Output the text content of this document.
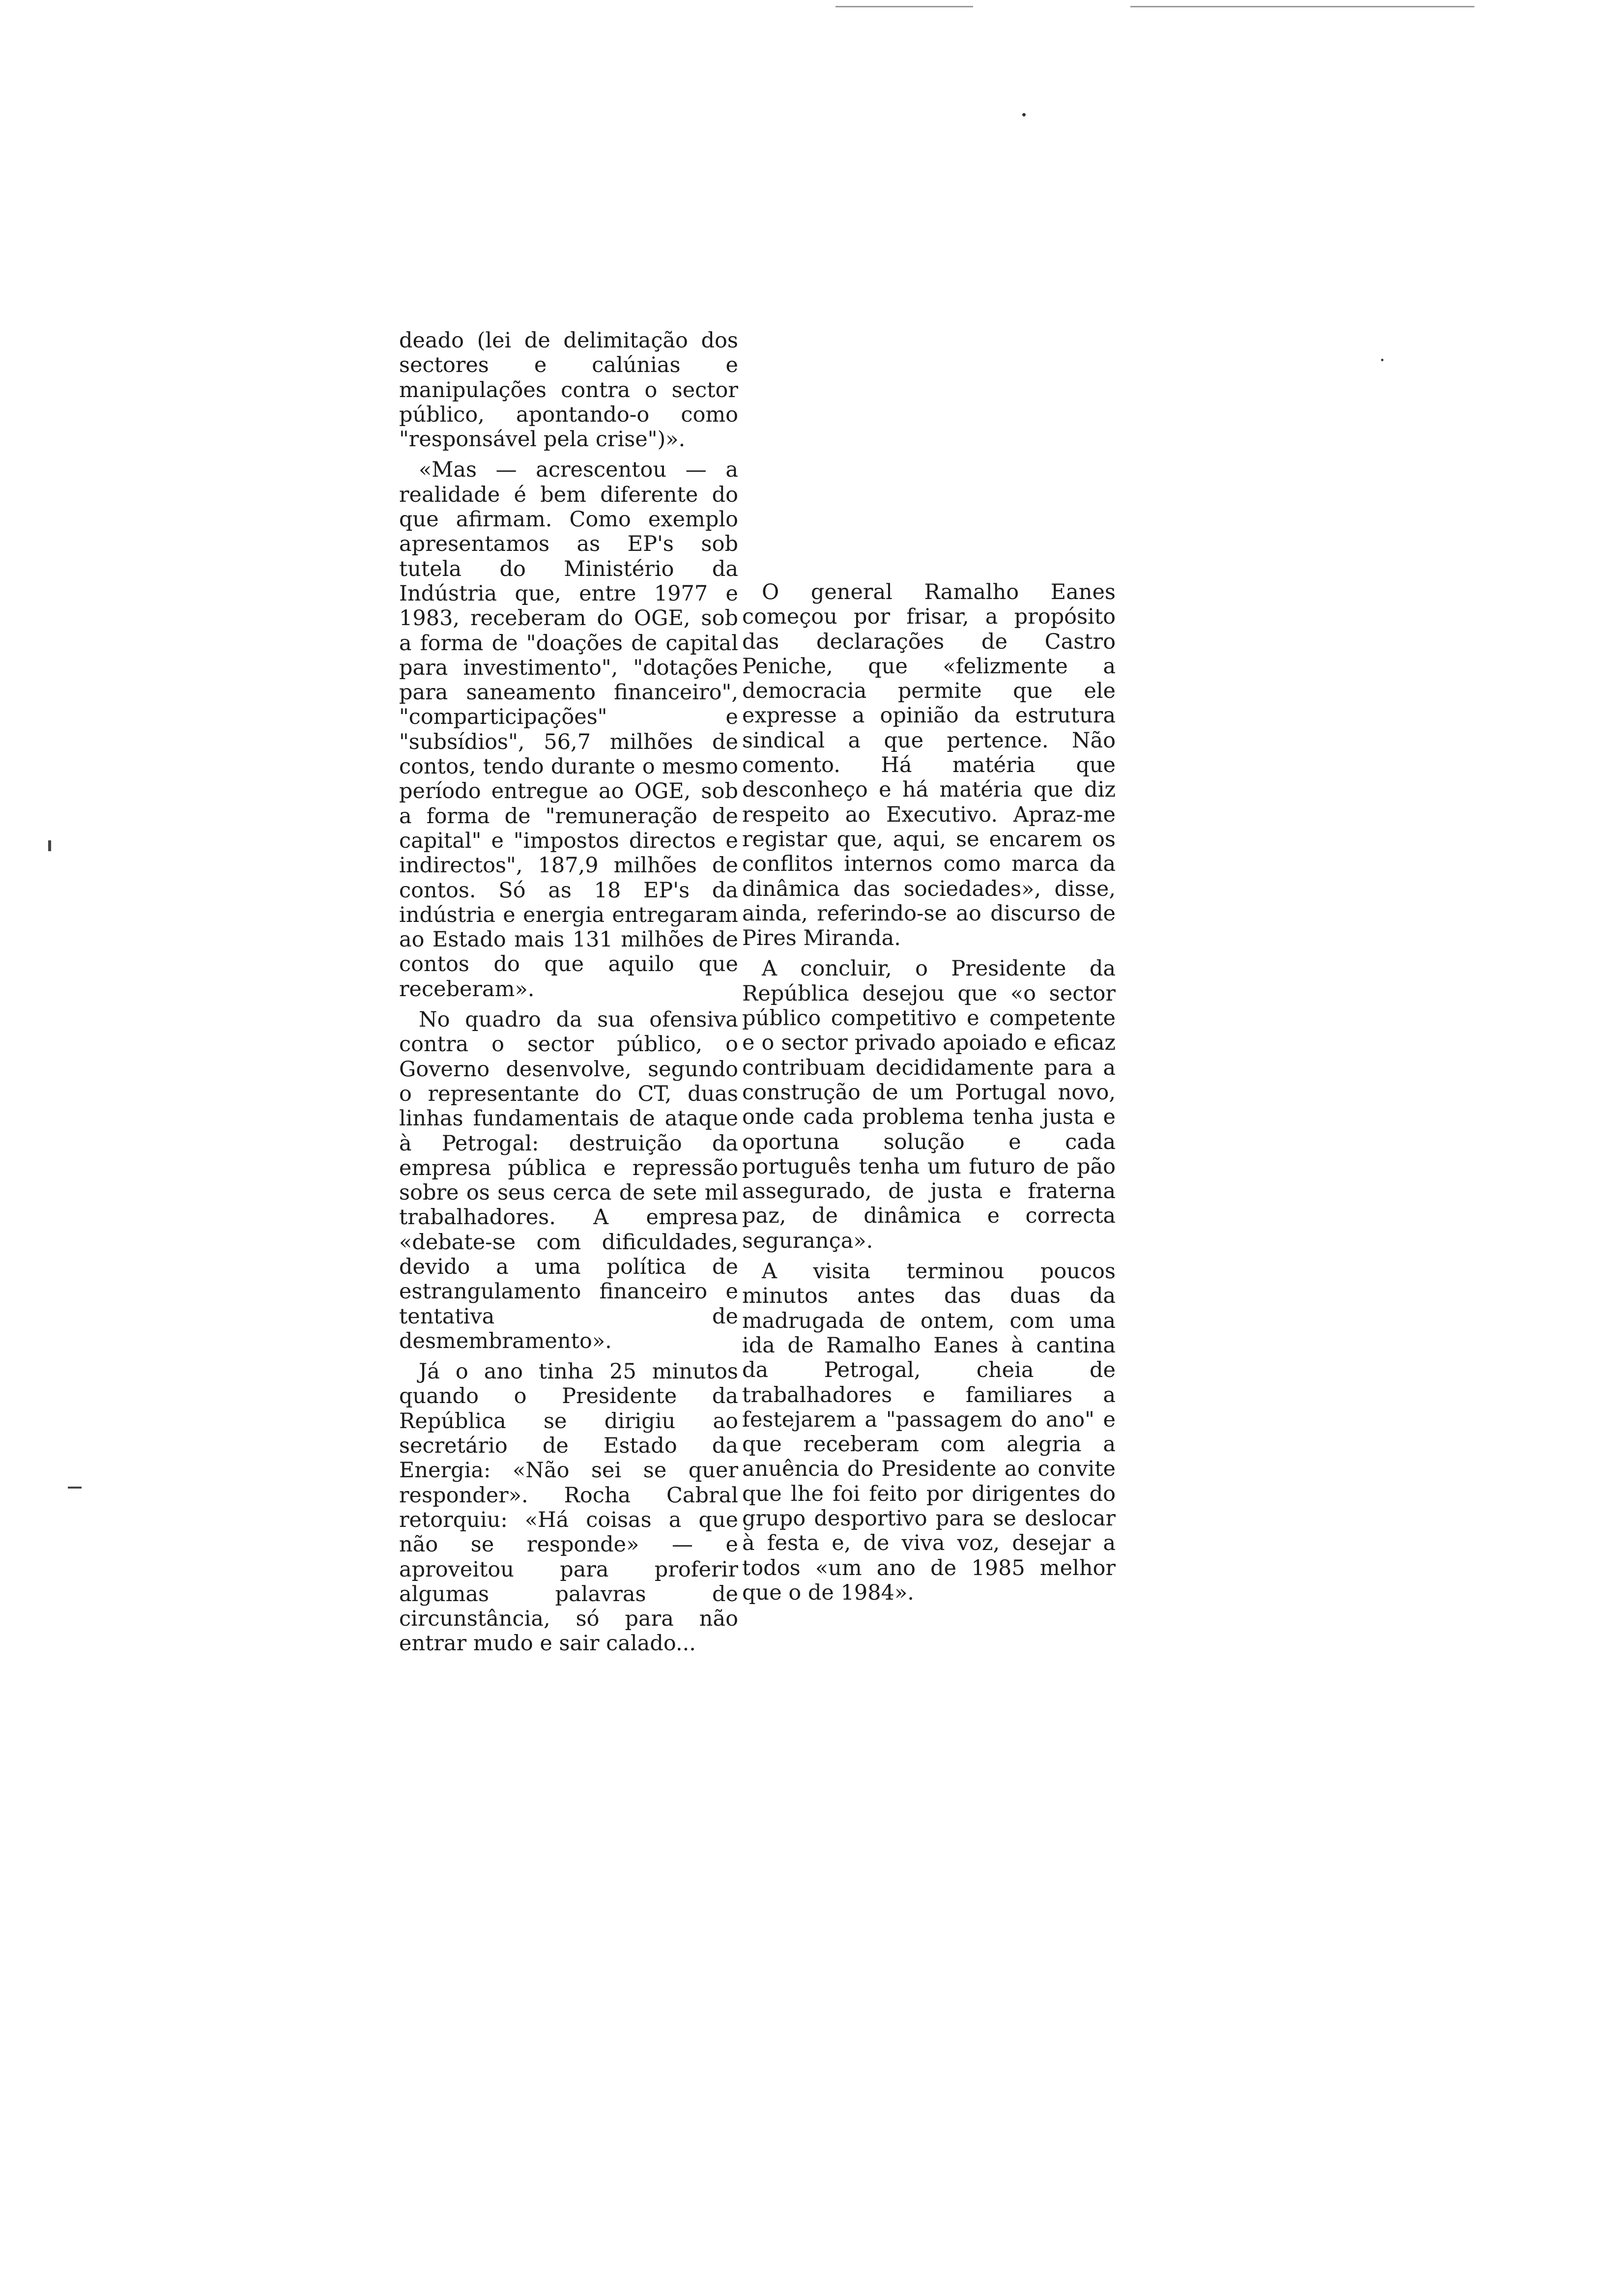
deado (lei de delimitação dos sectores e calúnias e manipulações contra o sector público, apontando-o como "responsável pela crise")».

«Mas — acrescentou — a realidade é bem diferente do que afirmam. Como exemplo apresentamos as EP's sob tutela do Ministério da Indústria que, entre 1977 e 1983, receberam do OGE, sob a forma de "doações de capital para investimento", "dotações para saneamento financeiro", "comparticipações" e "subsídios", 56,7 milhões de contos, tendo durante o mesmo período entregue ao OGE, sob a forma de "remuneração de capital" e "impostos directos e indirectos", 187,9 milhões de contos. Só as 18 EP's da indústria e energia entregaram ao Estado mais 131 milhões de contos do que aquilo que receberam».

No quadro da sua ofensiva contra o sector público, o Governo desenvolve, segundo o representante do CT, duas linhas fundamentais de ataque à Petrogal: destruição da empresa pública e repressão sobre os seus cerca de sete mil trabalhadores. A empresa «debate-se com dificuldades, devido a uma política de estrangulamento financeiro e tentativa de desmembramento».

Já o ano tinha 25 minutos quando o Presidente da República se dirigiu ao secretário de Estado da Energia: «Não sei se quer responder». Rocha Cabral retorquiu: «Há coisas a que não se responde» — e aproveitou para proferir algumas palavras de circunstância, só para não entrar mudo e sair calado...

O general Ramalho Eanes começou por frisar, a propósito das declarações de Castro Peniche, que «felizmente a democracia permite que ele expresse a opinião da estrutura sindical a que pertence. Não comento. Há matéria que desconheço e há matéria que diz respeito ao Executivo. Apraz-me registar que, aqui, se encarem os conflitos internos como marca da dinâmica das sociedades», disse, ainda, referindo-se ao discurso de Pires Miranda.

A concluir, o Presidente da República desejou que «o sector público competitivo e competente e o sector privado apoiado e eficaz contribuam decididamente para a construção de um Portugal novo, onde cada problema tenha justa e oportuna solução e cada português tenha um futuro de pão assegurado, de justa e fraterna paz, de dinâmica e correcta segurança».

A visita terminou poucos minutos antes das duas da madrugada de ontem, com uma ida de Ramalho Eanes à cantina da Petrogal, cheia de trabalhadores e familiares a festejarem a "passagem do ano" e que receberam com alegria a anuência do Presidente ao convite que lhe foi feito por dirigentes do grupo desportivo para se deslocar à festa e, de viva voz, desejar a todos «um ano de 1985 melhor que o de 1984».
